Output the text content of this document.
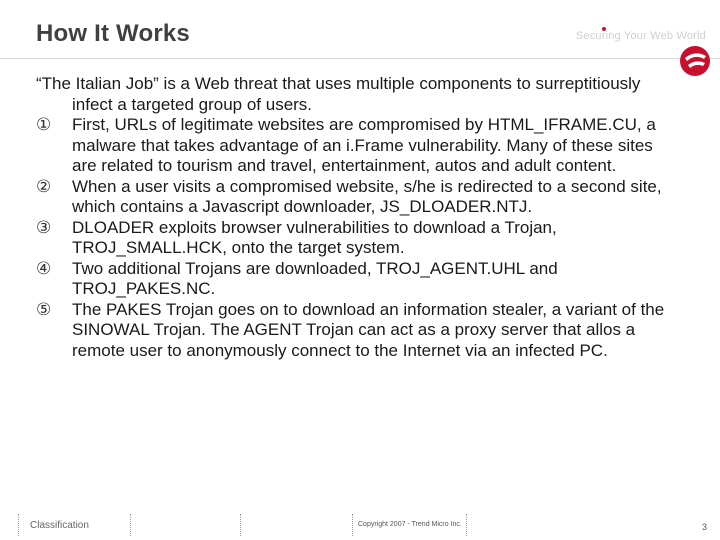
How It Works	Securing Your Web World

“The Italian Job” is a Web threat that uses multiple components to surreptitiously infect a targeted group of users.

①	First, URLs of legitimate websites are compromised by HTML_IFRAME.CU, a malware that takes advantage of an i.Frame vulnerability. Many of these sites are related to tourism and travel, entertainment, autos and adult content.
②	When a user visits a compromised website, s/he is redirected to a second site, which contains a Javascript downloader, JS_DLOADER.NTJ.
③	DLOADER exploits browser vulnerabilities to download a Trojan, TROJ_SMALL.HCK, onto the target system.
④	Two additional Trojans are downloaded, TROJ_AGENT.UHL and TROJ_PAKES.NC.
⑤	The PAKES Trojan goes on to download an information stealer, a variant of the SINOWAL Trojan. The AGENT Trojan can act as a proxy server that allos a remote user to anonymously connect to the Internet via an infected PC.
Classification	Copyright 2007 - Trend Micro Inc.	3
